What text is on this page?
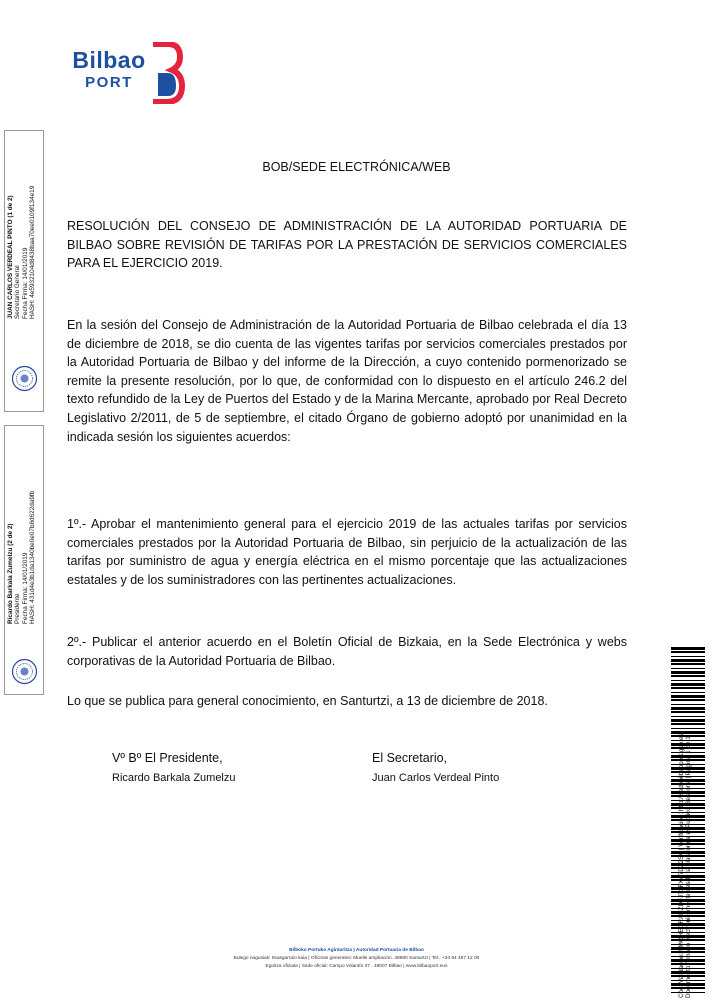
Bilbao
PORT
JUAN CARLOS VERDEAL PINTO (1 de 2) Secretario General Fecha Firma: 14/01/2019 HASH: 4e5932104d8438baa70ee0109f134e19
Ricardo Barkala Zumelzu (2 de 2) Presidente Fecha Firma: 14/01/2019 HASH: 431d4e3b1da1340be0e07b8d622da9fb
BOB/SEDE ELECTRÓNICA/WEB

RESOLUCIÓN DEL CONSEJO DE ADMINISTRACIÓN DE LA AUTORIDAD PORTUARIA DE BILBAO SOBRE REVISIÓN DE TARIFAS POR LA PRESTACIÓN DE SERVICIOS COMERCIALES PARA EL EJERCICIO 2019.

En la sesión del Consejo de Administración de la Autoridad Portuaria de Bilbao celebrada el día 13 de diciembre de 2018, se dio cuenta de las vigentes tarifas por servicios comerciales prestados por la Autoridad Portuaria de Bilbao y del informe de la Dirección, a cuyo contenido pormenorizado se remite la presente resolución, por lo que, de conformidad con lo dispuesto en el artículo 246.2 del texto refundido de la Ley de Puertos del Estado y de la Marina Mercante, aprobado por Real Decreto Legislativo 2/2011, de 5 de septiembre, el citado Órgano de gobierno adoptó por unanimidad en la indicada sesión los siguientes acuerdos:

1º.- Aprobar el mantenimiento general para el ejercicio 2019 de las actuales tarifas por servicios comerciales prestados por la Autoridad Portuaria de Bilbao, sin perjuicio de la actualización de las tarifas por suministro de agua y energía eléctrica en el mismo porcentaje que las actualizaciones estatales y de los suministradores con las pertinentes actualizaciones.

2º.- Publicar el anterior acuerdo en el Boletín Oficial de Bizkaia, en la Sede Electrónica y webs corporativas de la Autoridad Portuaria de Bilbao.

Lo que se publica para general conocimiento, en Santurtzi, a 13 de diciembre de 2018.

Vº Bº El Presidente,
Ricardo Barkala Zumelzu
El Secretario,
Juan Carlos Verdeal Pinto
Bilboko Portuko Agintaritza | Autoridad Portuaria de Bilbao
Bulego nagusiak: Itsasgarraio kaia | Oficinas generales: Muelle ampliación. 48980 Santurtzi | Tel.: +34 94 487 12 00
Egoitza ofiziala | Sede oficial: Campo Volantín 37 . 48007 Bilbao | www.bilbaoport.eus
